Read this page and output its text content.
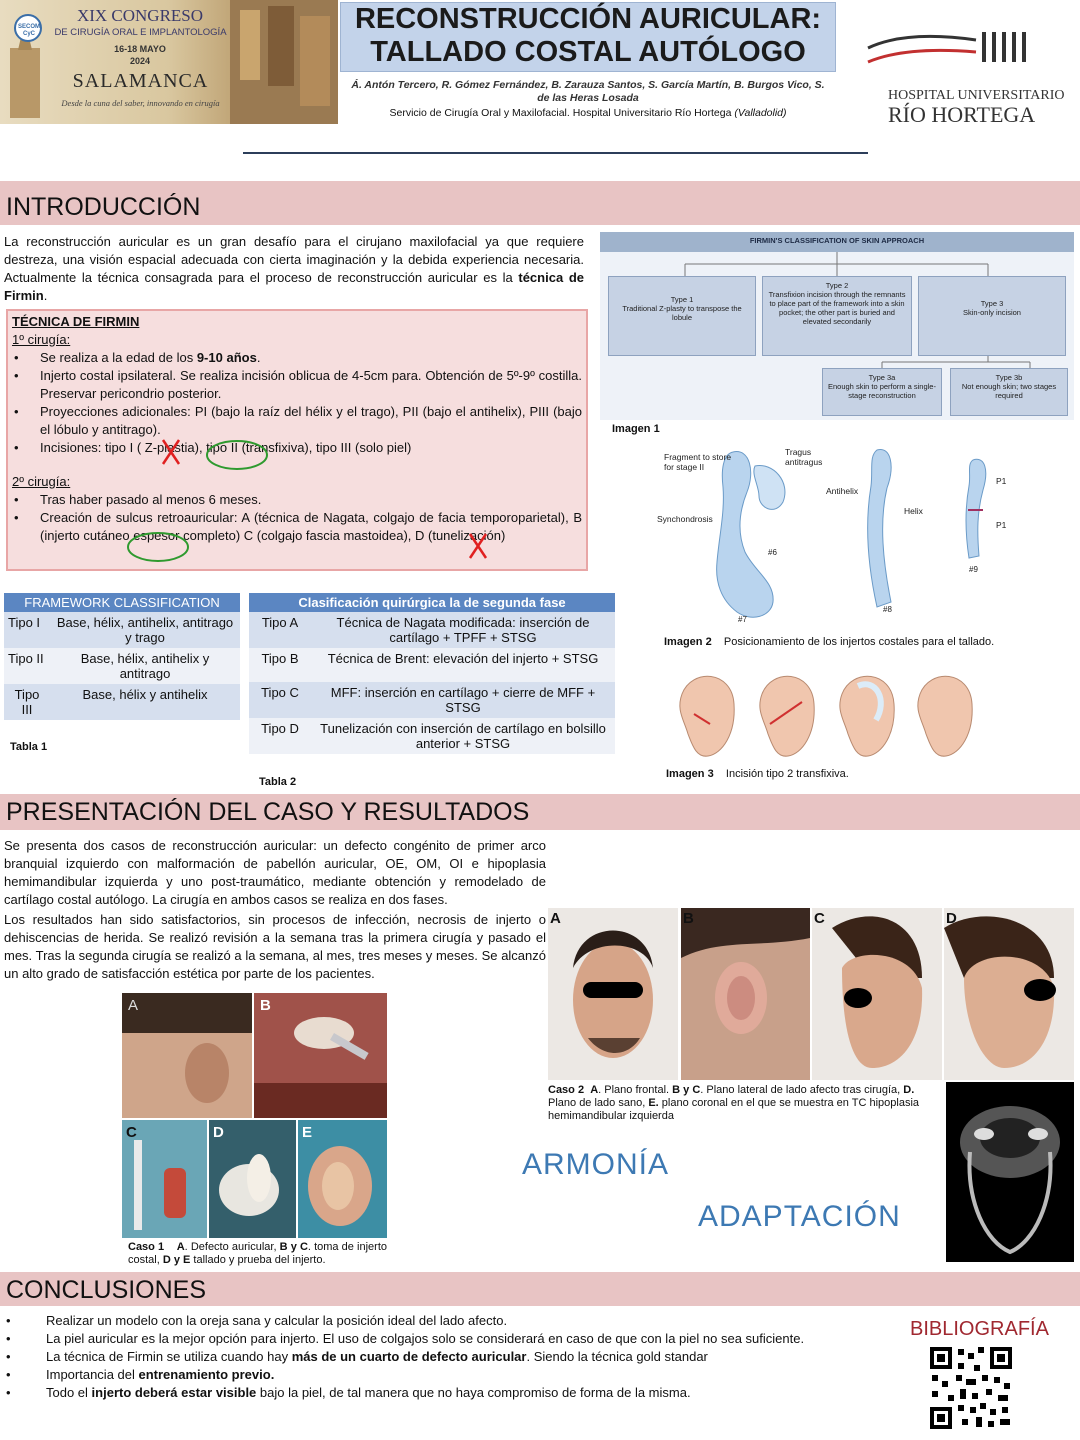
SECOM CyC
XIX CONGRESO
DE CIRUGÍA ORAL E IMPLANTOLOGÍA
16-18 MAYO
2024
SALAMANCA
Desde la cuna del saber, innovando en cirugía
RECONSTRUCCIÓN AURICULAR:
TALLADO COSTAL AUTÓLOGO
Á. Antón Tercero, R. Gómez Fernández, B. Zarauza Santos, S. García Martín, B. Burgos Vico, S. de las Heras Losada
Servicio de Cirugía Oral y Maxilofacial. Hospital Universitario Río Hortega (Valladolid)
HOSPITAL UNIVERSITARIO
RÍO HORTEGA
INTRODUCCIÓN
La reconstrucción auricular es un gran desafío para el cirujano maxilofacial ya que requiere destreza, una visión espacial adecuada con cierta imaginación y la debida experiencia necesaria. Actualmente la técnica consagrada para el proceso de reconstrucción auricular es la técnica de Firmin.
TÉCNICA DE FIRMIN
1º cirugía:
• Se realiza a la edad de los 9-10 años.
• Injerto costal ipsilateral. Se realiza incisión oblicua de 4-5cm para. Obtención de 5º-9º costilla. Preservar pericondrio posterior.
• Proyecciones adicionales: PI (bajo la raíz del hélix y el trago), PII (bajo el antihelix), PIII (bajo el lóbulo y antitrago).
• Incisiones: tipo I ( Z-plastia), tipo II (transfixiva), tipo III (solo piel)
2º cirugía:
• Tras haber pasado al menos 6 meses.
• Creación de sulcus retroauricular: A (técnica de Nagata, colgajo de facia temporoparietal), B (injerto cutáneo espesor completo) C (colgajo fascia mastoidea), D (tunelización)
FIRMIN'S CLASSIFICATION OF SKIN APPROACH
Type 1
Traditional Z-plasty to transpose the lobule
Type 2
Transfixion incision through the remnants to place part of the framework into a skin pocket; the other part is buried and elevated secondarily
Type 3
Skin-only incision
Type 3a
Enough skin to perform a single-stage reconstruction
Type 3b
Not enough skin; two stages required
Imagen 1
Fragment to store for stage II
Synchondrosis
Tragus antitragus
Antihelix
Helix
P1
P1
#6
#7
#8
#9
Imagen 2 Posicionamiento de los injertos costales para el tallado.
Imagen 3 Incisión tipo 2 transfixiva.
FRAMEWORK CLASSIFICATION	
Tipo I	Base, hélix, antihelix, antitrago y trago
Tipo II	Base, hélix, antihelix y antitrago
Tipo III	Base, hélix y antihelix
Tabla 1
Clasificación quirúrgica la de segunda fase	
Tipo A	Técnica de Nagata modificada: inserción de cartílago + TPFF + STSG
Tipo B	Técnica de Brent: elevación del injerto + STSG
Tipo C	MFF: inserción en cartílago + cierre de MFF + STSG
Tipo D	Tunelización con inserción de cartílago en bolsillo anterior + STSG
Tabla 2
PRESENTACIÓN DEL CASO Y RESULTADOS
Se presenta dos casos de reconstrucción auricular: un defecto congénito de primer arco branquial izquierdo con malformación de pabellón auricular, OE, OM, OI e hipoplasia hemimandibular izquierda y uno post-traumático, mediante obtención y remodelado de cartílago costal autólogo. La cirugía en ambos casos se realiza en dos fases.
Los resultados han sido satisfactorios, sin procesos de infección, necrosis de injerto o dehiscencias de herida. Se realizó revisión a la semana tras la primera cirugía y pasado el mes. Tras la segunda cirugía se realizó a la semana, al mes, tres meses y meses. Se alcanzó un alto grado de satisfacción estética por parte de los pacientes.
A	B
C	D	E
Caso 1 A. Defecto auricular, B y C. toma de injerto costal, D y E tallado y prueba del injerto.
A	B	C	D
Caso 2 A. Plano frontal. B y C. Plano lateral de lado afecto tras cirugía, D. Plano de lado sano, E. plano coronal en el que se muestra en TC hipoplasia hemimandibular izquierda
ARMONÍA
ADAPTACIÓN
CONCLUSIONES
• Realizar un modelo con la oreja sana y calcular la posición ideal del lado afecto.
• La piel auricular es la mejor opción para injerto. El uso de colgajos solo se considerará en caso de que con la piel no sea suficiente.
• La técnica de Firmin se utiliza cuando hay más de un cuarto de defecto auricular. Siendo la técnica gold standar
• Importancia del entrenamiento previo.
• Todo el injerto deberá estar visible bajo la piel, de tal manera que no haya compromiso de forma de la misma.
BIBLIOGRAFÍA
